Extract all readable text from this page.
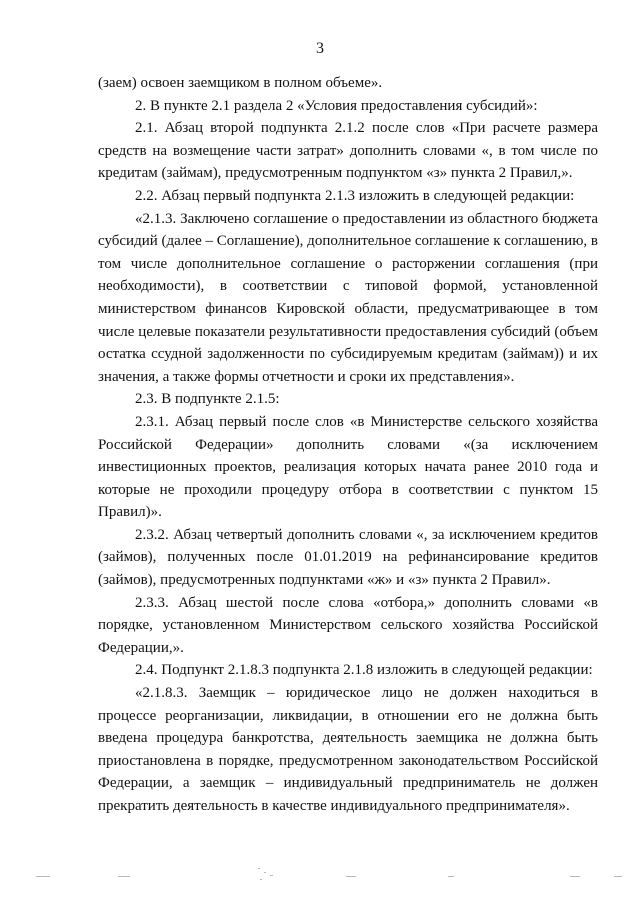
3

(заем) освоен заемщиком в полном объеме».

2. В пункте 2.1 раздела 2 «Условия предоставления субсидий»:

2.1. Абзац второй подпункта 2.1.2 после слов «При расчете размера средств на возмещение части затрат» дополнить словами «, в том числе по кредитам (займам), предусмотренным подпунктом «з» пункта 2 Правил,».

2.2. Абзац первый подпункта 2.1.3 изложить в следующей редакции:

«2.1.3. Заключено соглашение о предоставлении из областного бюджета субсидий (далее – Соглашение), дополнительное соглашение к соглашению, в том числе дополнительное соглашение о расторжении соглашения (при необходимости), в соответствии с типовой формой, установленной министерством финансов Кировской области, предусматривающее в том числе целевые показатели результативности предоставления субсидий (объем остатка ссудной задолженности по субсидируемым кредитам (займам)) и их значения, а также формы отчетности и сроки их представления».

2.3. В подпункте 2.1.5:

2.3.1. Абзац первый после слов «в Министерстве сельского хозяйства Российской Федерации» дополнить словами «(за исключением инвестиционных проектов, реализация которых начата ранее 2010 года и которые не проходили процедуру отбора в соответствии с пунктом 15 Правил)».

2.3.2. Абзац четвертый дополнить словами «, за исключением кредитов (займов), полученных после 01.01.2019 на рефинансирование кредитов (займов), предусмотренных подпунктами «ж» и «з» пункта 2 Правил».

2.3.3. Абзац шестой после слова «отбора,» дополнить словами «в порядке, установленном Министерством сельского хозяйства Российской Федерации,».

2.4. Подпункт 2.1.8.3 подпункта 2.1.8 изложить в следующей редакции:

«2.1.8.3. Заемщик – юридическое лицо не должен находиться в процессе реорганизации, ликвидации, в отношении его не должна быть введена процедура банкротства, деятельность заемщика не должна быть приостановлена в порядке, предусмотренном законодательством Российской Федерации, а заемщик – индивидуальный предприниматель не должен прекратить деятельность в качестве индивидуального предпринимателя».
